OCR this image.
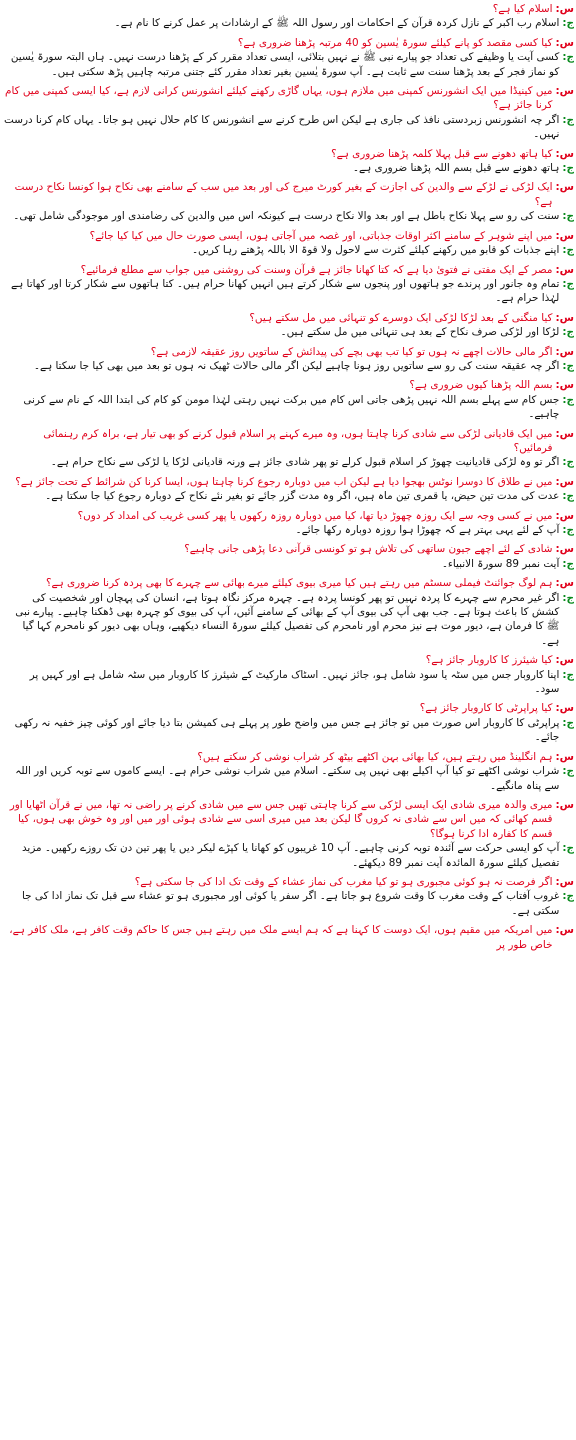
س:
اسلام کیا ہے؟
ج:
اسلام رب اکبر کے نازل کردہ قرآن کے احکامات اور رسول اللہ ﷺ کے ارشادات پر عمل کرنے کا نام ہے۔
س:
کیا کسی مقصد کو پانے کیلئے سورۃ یٰسین کو 40 مرتبہ پڑھنا ضروری ہے؟
ج:
کسی آیت یا وظیفے کی تعداد جو پیارے نبی ﷺ نے نہیں بتلائی، ایسی تعداد مقرر کر کے پڑھنا درست نہیں۔ ہاں البتہ سورۃ یٰسین کو نماز فجر کے بعد پڑھنا سنت سے ثابت ہے۔ آپ سورۃ یٰسین بغیر تعداد مقرر کئے جتنی مرتبہ چاہیں پڑھ سکتی ہیں۔
س:
میں کینیڈا میں ایک انشورنس کمپنی میں ملازم ہوں، یہاں گاڑی رکھنے کیلئے انشورنس کرانی لازم ہے، کیا ایسی کمپنی میں کام کرنا جائز ہے؟
ج:
اگر چہ انشورنس زبردستی نافذ کی جاری ہے لیکن اس طرح کرنے سے انشورنس کا کام حلال نہیں ہو جاتا۔ یہاں کام کرنا درست نہیں۔
س:
کیا ہاتھ دھونے سے قبل پہلا کلمہ پڑھنا ضروری ہے؟
ج:
ہاتھ دھونے سے قبل بسم اللہ پڑھنا ضروری ہے۔
س:
ایک لڑکی نے لڑکے سے والدین کی اجازت کے بغیر کورٹ میرج کی اور بعد میں سب کے سامنے بھی نکاح ہوا کونسا نکاح درست ہے؟
ج:
سنت کی رو سے پہلا نکاح باطل ہے اور بعد والا نکاح درست ہے کیونکہ اس میں والدین کی رضامندی اور موجودگی شامل تھی۔
س:
میں اپنے شوہر کے سامنے اکثر اوقات جذباتی، اور غصہ میں آجاتی ہوں، ایسی صورت حال میں کیا کیا جائے؟
ج:
اپنے جذبات کو قابو میں رکھنے کیلئے کثرت سے لاحول ولا قوۃ الا باللہ پڑھتے رہا کریں۔
س:
مصر کے ایک مفتی نے فتویٰ دیا ہے کہ کتا کھانا جائز ہے قرآن وسنت کی روشنی میں جواب سے مطلع فرمائیے؟
ج:
تمام وہ جانور اور پرندے جو ہاتھوں اور پنجوں سے شکار کرتے ہیں انہیں کھانا حرام ہیں۔ کتا ہاتھوں سے شکار کرتا اور کھاتا ہے لہٰذا حرام ہے۔
س:
کیا منگنی کے بعد لڑکا لڑکی ایک دوسرے کو تنہائی میں مل سکتے ہیں؟
ج:
لڑکا اور لڑکی صرف نکاح کے بعد ہی تنہائی میں مل سکتے ہیں۔
س:
اگر مالی حالات اچھے نہ ہوں تو کیا تب بھی بچے کی پیدائش کے ساتویں روز عقیقہ لازمی ہے؟
ج:
اگر چہ عقیقہ سنت کی رو سے ساتویں روز ہونا چاہیے لیکن اگر مالی حالات ٹھیک نہ ہوں تو بعد میں بھی کیا جا سکتا ہے۔
س:
بسم اللہ پڑھنا کیوں ضروری ہے؟
ج:
جس کام سے پہلے بسم اللہ نہیں پڑھی جاتی اس کام میں برکت نہیں رہتی لہٰذا مومن کو کام کی ابتدا اللہ کے نام سے کرنی چاہیے۔
س:
میں ایک قادیانی لڑکی سے شادی کرنا چاہتا ہوں، وہ میرے کہنے پر اسلام قبول کرنے کو بھی تیار ہے، براہ کرم رہنمائی فرمائیں؟
ج:
اگر تو وہ لڑکی قادیانیت چھوڑ کر اسلام قبول کرلے تو پھر شادی جائز ہے ورنہ قادیانی لڑکا یا لڑکی سے نکاح حرام ہے۔
س:
میں نے طلاق کا دوسرا نوٹس بھجوا دیا ہے لیکن اب میں دوبارہ رجوع کرنا چاہتا ہوں، ایسا کرنا کن شرائط کے تحت جائز ہے؟
ج:
عدت کی مدت تین حیض، یا قمری تین ماہ ہیں، اگر وہ مدت گزر جائے تو بغیر نئے نکاح کے دوبارہ رجوع کیا جا سکتا ہے۔
س:
میں نے کسی وجہ سے ایک روزہ چھوڑ دیا تھا، کیا میں دوبارہ روزہ رکھوں یا پھر کسی غریب کی امداد کر دوں؟
ج:
آپ کے لئے یہی بہتر ہے کہ چھوڑا ہوا روزہ دوبارہ رکھا جائے۔
س:
شادی کے لئے اچھے جیون ساتھی کی تلاش ہو تو کونسی قرآنی دعا پڑھی جانی چاہیے؟
ج:
آیت نمبر 89 سورۃ الانبیاء۔
س:
ہم لوگ جوائنٹ فیملی سسٹم میں رہتے ہیں کیا میری بیوی کیلئے میرے بھائی سے چہرے کا بھی پردہ کرنا ضروری ہے؟
ج:
اگر غیر محرم سے چہرے کا پردہ نہیں تو پھر کونسا پردہ ہے۔ چہرہ مرکز نگاہ ہوتا ہے، انسان کی پہچان اور شخصیت کی کشش کا باعث ہوتا ہے۔ جب بھی آپ کی بیوی آپ کے بھائی کے سامنے آئیں، آپ کی بیوی کو چہرہ بھی ڈھکنا چاہیے۔ پیارے نبی ﷺ کا فرمان ہے، دیور موت ہے نیز محرم اور نامحرم کی تفصیل کیلئے سورۃ النساء دیکھیے، وہاں بھی دیور کو نامحرم کہا گیا ہے۔
س:
کیا شیئرز کا کاروبار جائز ہے؟
ج:
اپنا کاروبار جس میں سٹہ یا سود شامل ہو، جائز نہیں۔ اسٹاک مارکیٹ کے شیئرز کا کاروبار میں سٹہ شامل ہے اور کہیں پر سود۔
س:
کیا پراپرٹی کا کاروبار جائز ہے؟
ج:
پراپرٹی کا کاروبار اس صورت میں تو جائز ہے جس میں واضح طور پر پہلے ہی کمیشن بتا دیا جائے اور کوئی چیز خفیہ نہ رکھی جائے۔
س:
ہم انگلینڈ میں رہتے ہیں، کیا بھائی بہن اکٹھے بیٹھ کر شراب نوشی کر سکتے ہیں؟
ج:
شراب نوشی اکٹھے تو کیا آپ اکیلے بھی نہیں پی سکتے۔ اسلام میں شراب نوشی حرام ہے۔ ایسے کاموں سے توبہ کریں اور اللہ سے پناہ مانگیے۔
س:
میری والدہ میری شادی ایک ایسی لڑکی سے کرنا چاہتی تھیں جس سے میں شادی کرنے پر راضی نہ تھا، میں نے قرآن اٹھایا اور قسم کھائی کہ میں اس سے شادی نہ کروں گا لیکن بعد میں میری اسی سے شادی ہوئی اور میں اور وہ خوش بھی ہوں، کیا قسم کا کفارہ ادا کرنا ہوگا؟
ج:
آپ کو ایسی حرکت سے آئندہ توبہ کرنی چاہیے۔ آپ 10 غریبوں کو کھانا یا کپڑے لیکر دیں یا پھر تین دن تک روزے رکھیں۔ مزید تفصیل کیلئے سورۃ المائدہ آیت نمبر 89 دیکھئے۔
س:
اگر فرصت نہ ہو کوئی مجبوری ہو تو کیا مغرب کی نماز عشاء کے وقت تک ادا کی جا سکتی ہے؟
ج:
غروب آفتاب کے وقت مغرب کا وقت شروع ہو جاتا ہے۔ اگر سفر یا کوئی اور مجبوری ہو تو عشاء سے قبل تک نماز ادا کی جا سکتی ہے۔
س:
میں امریکہ میں مقیم ہوں، ایک دوست کا کہنا ہے کہ ہم ایسے ملک میں رہتے ہیں جس کا حاکم وقت کافر ہے، ملک کافر ہے، خاص طور پر
